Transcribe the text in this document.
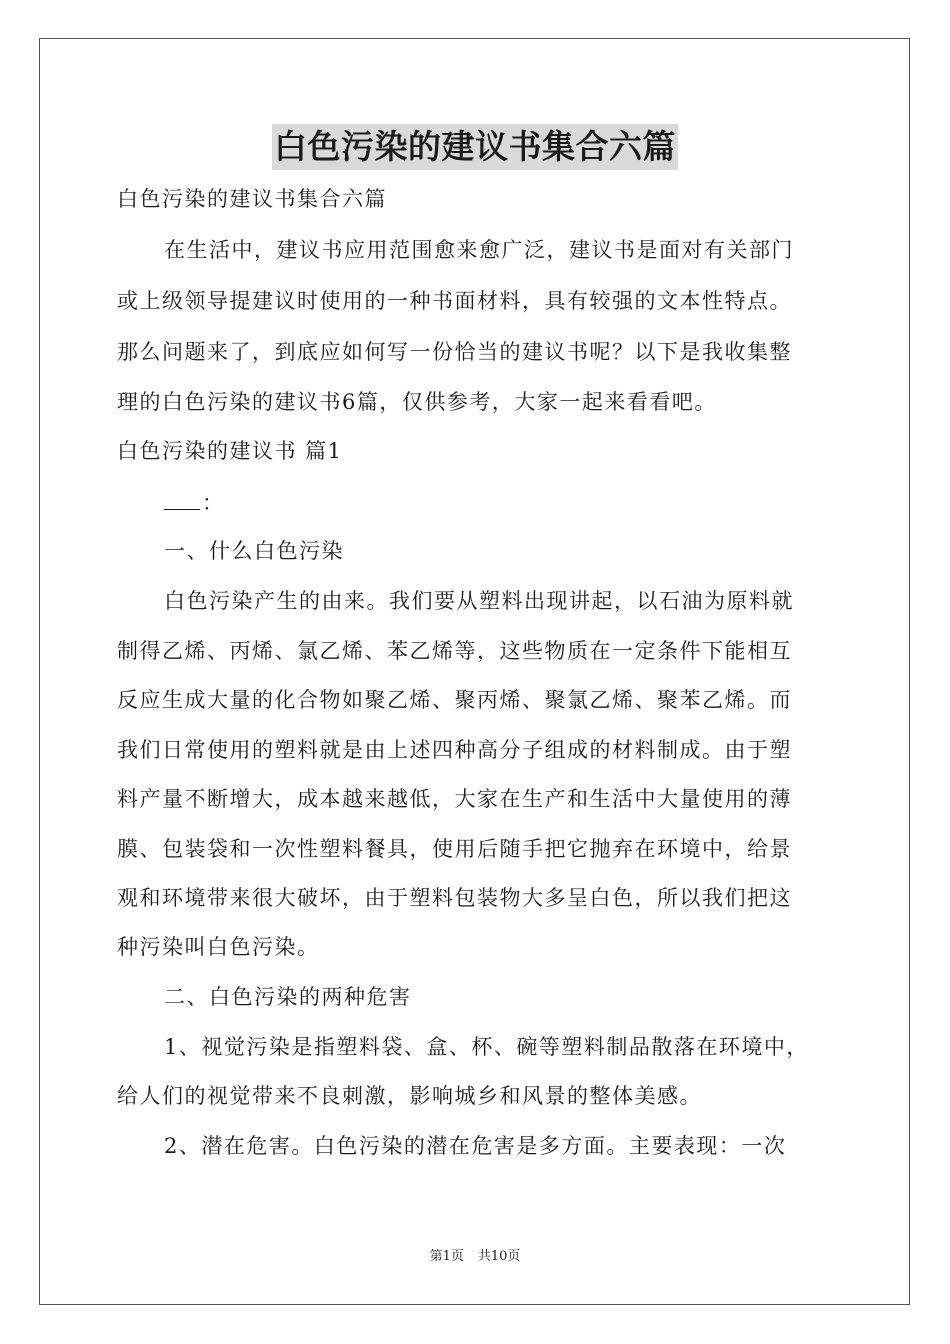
白色污染的建议书集合六篇
白色污染的建议书集合六篇
在生活中，建议书应用范围愈来愈广泛，建议书是面对有关部门
或上级领导提建议时使用的一种书面材料，具有较强的文本性特点。
那么问题来了，到底应如何写一份恰当的建议书呢？以下是我收集整
理的白色污染的建议书6篇，仅供参考，大家一起来看看吧。
白色污染的建议书 篇1
：
一、什么白色污染
白色污染产生的由来。我们要从塑料出现讲起，以石油为原料就
制得乙烯、丙烯、氯乙烯、苯乙烯等，这些物质在一定条件下能相互
反应生成大量的化合物如聚乙烯、聚丙烯、聚氯乙烯、聚苯乙烯。而
我们日常使用的塑料就是由上述四种高分子组成的材料制成。由于塑
料产量不断增大，成本越来越低，大家在生产和生活中大量使用的薄
膜、包装袋和一次性塑料餐具，使用后随手把它抛弃在环境中，给景
观和环境带来很大破坏，由于塑料包装物大多呈白色，所以我们把这
种污染叫白色污染。
二、白色污染的两种危害
1、视觉污染是指塑料袋、盒、杯、碗等塑料制品散落在环境中，
给人们的视觉带来不良刺激，影响城乡和风景的整体美感。
2、潜在危害。白色污染的潜在危害是多方面。主要表现：一次
第1页 共10页
